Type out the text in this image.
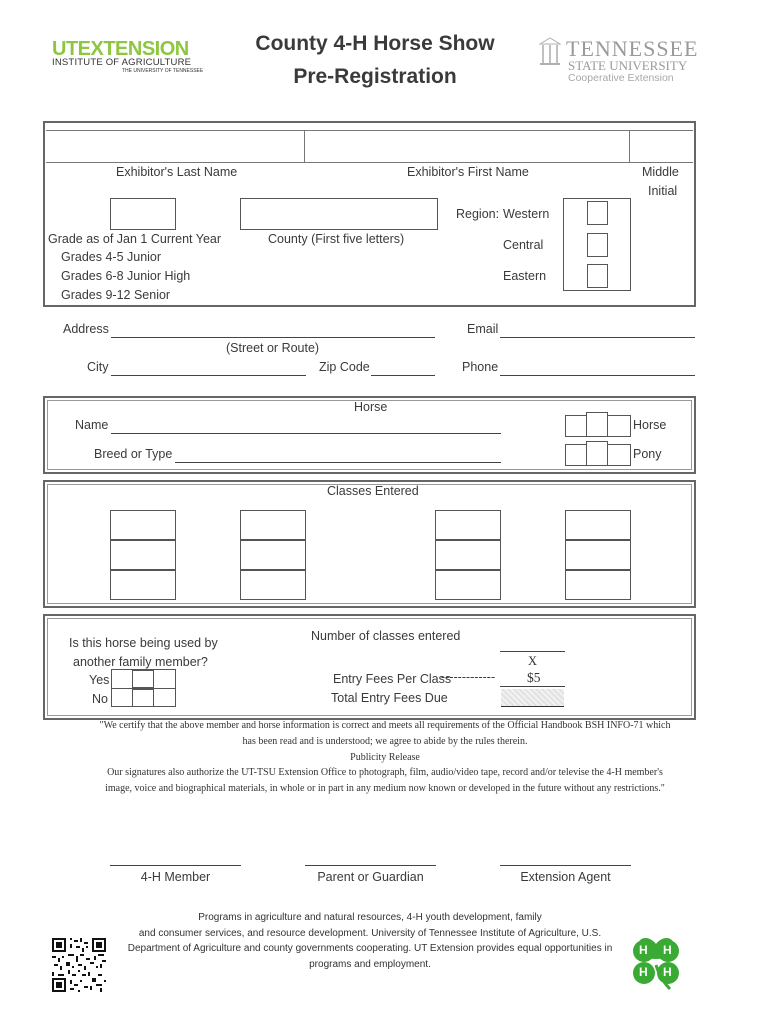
UTEXTENSION
INSTITUTE OF AGRICULTURE
THE UNIVERSITY OF TENNESSEE
County 4-H Horse Show
Pre-Registration
TENNESSEE
STATE UNIVERSITY
Cooperative Extension
Exhibitor's Last Name	Exhibitor's First Name	Middle
Initial
Region: Western
Central
Eastern
Grade as of Jan 1 Current Year
Grades 4-5 Junior
Grades 6-8 Junior High
Grades 9-12 Senior
County (First five letters)
Address
(Street or Route)
City	Zip Code
Email
Phone
Horse
Name
Breed or Type
Horse
Pony
Classes Entered
Is this horse being used by
another family member?
Yes
No
Number of classes entered
X
Entry Fees Per Class
------------- $5
Total Entry Fees Due
"We certify that the above member and horse information is correct and meets all requirements of the Official Handbook BSH INFO-71 which
has been read and is understood; we agree to abide by the rules therein.
Publicity Release
Our signatures also authorize the UT-TSU Extension Office to photograph, film, audio/video tape, record and/or televise the 4-H member's
image, voice and biographical materials, in whole or in part in any medium now known or developed in the future without any restrictions."
4-H Member	Parent or Guardian	Extension Agent
Programs in agriculture and natural resources, 4-H youth development, family
and consumer services, and resource development. University of Tennessee Institute of Agriculture, U.S.
Department of Agriculture and county governments cooperating. UT Extension provides equal opportunities in
programs and employment.
H H
H H
